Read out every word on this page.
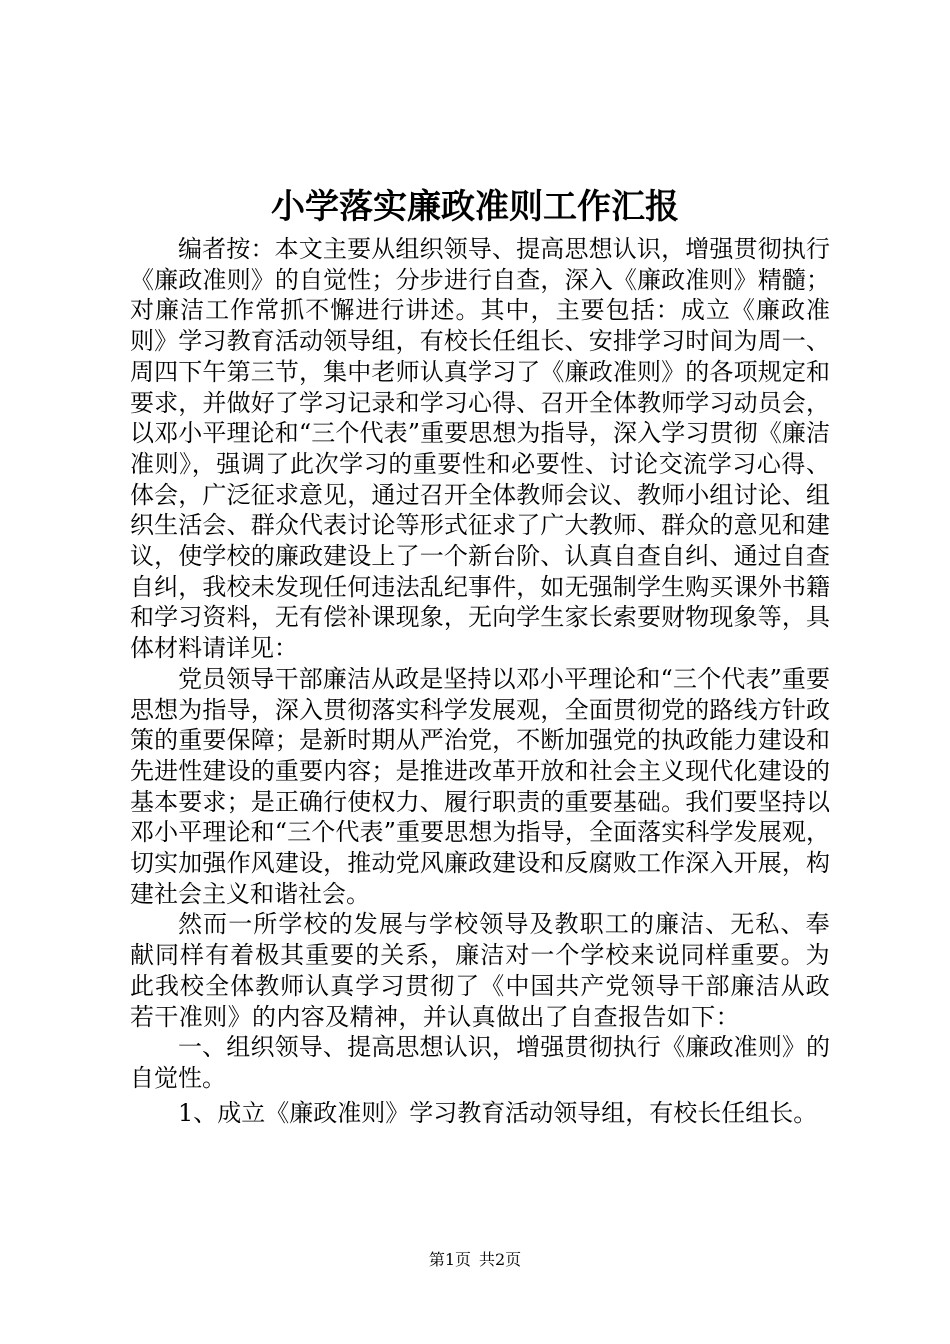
小学落实廉政准则工作汇报

编者按：本文主要从组织领导、提高思想认识，增强贯彻执行《廉政准则》的自觉性；分步进行自查，深入《廉政准则》精髓；对廉洁工作常抓不懈进行讲述。其中，主要包括：成立《廉政准则》学习教育活动领导组，有校长任组长、安排学习时间为周一、周四下午第三节，集中老师认真学习了《廉政准则》的各项规定和要求，并做好了学习记录和学习心得、召开全体教师学习动员会，以邓小平理论和“三个代表”重要思想为指导，深入学习贯彻《廉洁准则》，强调了此次学习的重要性和必要性、讨论交流学习心得、体会，广泛征求意见，通过召开全体教师会议、教师小组讨论、组织生活会、群众代表讨论等形式征求了广大教师、群众的意见和建议，使学校的廉政建设上了一个新台阶、认真自查自纠、通过自查自纠，我校未发现任何违法乱纪事件，如无强制学生购买课外书籍和学习资料，无有偿补课现象，无向学生家长索要财物现象等，具体材料请详见：

党员领导干部廉洁从政是坚持以邓小平理论和“三个代表”重要思想为指导，深入贯彻落实科学发展观，全面贯彻党的路线方针政策的重要保障；是新时期从严治党，不断加强党的执政能力建设和先进性建设的重要内容；是推进改革开放和社会主义现代化建设的基本要求；是正确行使权力、履行职责的重要基础。我们要坚持以邓小平理论和“三个代表”重要思想为指导，全面落实科学发展观，切实加强作风建设，推动党风廉政建设和反腐败工作深入开展，构建社会主义和谐社会。

然而一所学校的发展与学校领导及教职工的廉洁、无私、奉献同样有着极其重要的关系，廉洁对一个学校来说同样重要。为此我校全体教师认真学习贯彻了《中国共产党领导干部廉洁从政若干准则》的内容及精神，并认真做出了自查报告如下：

一、组织领导、提高思想认识，增强贯彻执行《廉政准则》的自觉性。

1、成立《廉政准则》学习教育活动领导组，有校长任组长。

第1页 共2页
